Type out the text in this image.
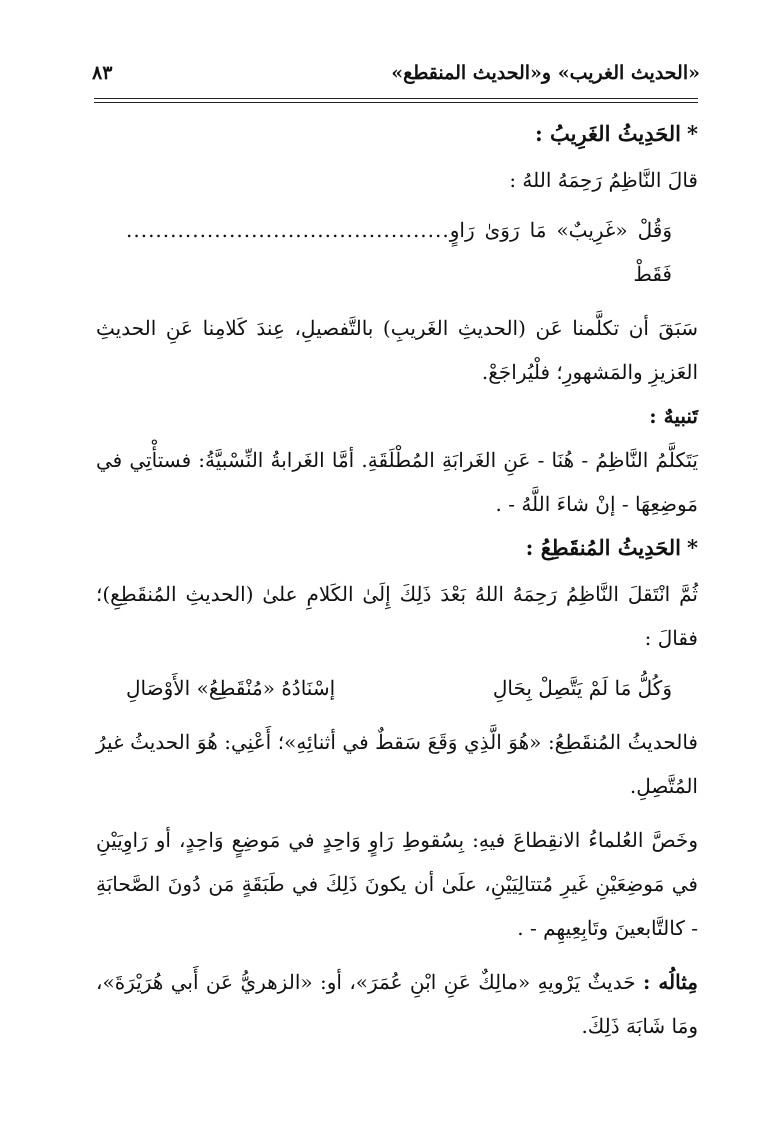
«الحديث الغريب» و«الحديث المنقطع»
٨٣

*الحَدِيثُ الغَرِيبُ :

قالَ النَّاظِمُ رَحِمَهُ اللهُ :

وَقُلْ «غَرِيبٌ» مَا رَوَىٰ رَاوٍ فَقَطْ
............................................

سَبَقَ أن تكلَّمنا عَن (الحديثِ الغَريبِ) بالتَّفصيلِ، عِندَ كَلامِنا عَنِ الحديثِ العَزيزِ والمَشهورِ؛ فلْيُراجَعْ.

تَنبيهٌ :

يَتَكلَّمُ النَّاظِمُ - هُنَا - عَنِ الغَرابَةِ المُطْلَقَةِ. أمَّا الغَرابةُ النِّسْبيَّةُ: فستأْتِي في مَوضِعِهَا - إنْ شاءَ اللَّهُ - .

*الحَدِيثُ المُنقَطِعُ :

ثُمَّ انْتَقلَ النَّاظِمُ رَحِمَهُ اللهُ بَعْدَ ذَلِكَ إِلَىٰ الكَلامِ علىٰ (الحديثِ المُنقَطِعِ)؛ فقالَ :

وَكُلُّ مَا لَمْ يَتَّصِلْ بِحَالِ
إسْنَادُهُ «مُنْقَطِعُ» الأَوْصَالِ

فالحديثُ المُنقَطِعُ: «هُوَ الَّذِي وَقَعَ سَقطٌ في أثنائِهِ»؛ أَعْنِي: هُوَ الحديثُ غيرُ المُتَّصِلِ.

وخَصَّ العُلماءُ الانقِطاعَ فيهِ: بِسُقوطِ رَاوٍ وَاحِدٍ في مَوضِعٍ وَاحِدٍ، أو رَاوِيَيْنِ في مَوضِعَيْنِ غَيرِ مُتتالِيَيْنِ، علَىٰ أن يكونَ ذَلِكَ في طَبَقَةٍ مَن دُونَ الصَّحابَةِ - كالتَّابعينَ وتَابِعِيهِم - .

مِثالُه : حَديثٌ يَرْويهِ «مالِكٌ عَنِ ابْنِ عُمَرَ»، أو: «الزهريُّ عَن أَبي هُرَيْرَةَ»، ومَا شَابَهَ ذَلِكَ.
